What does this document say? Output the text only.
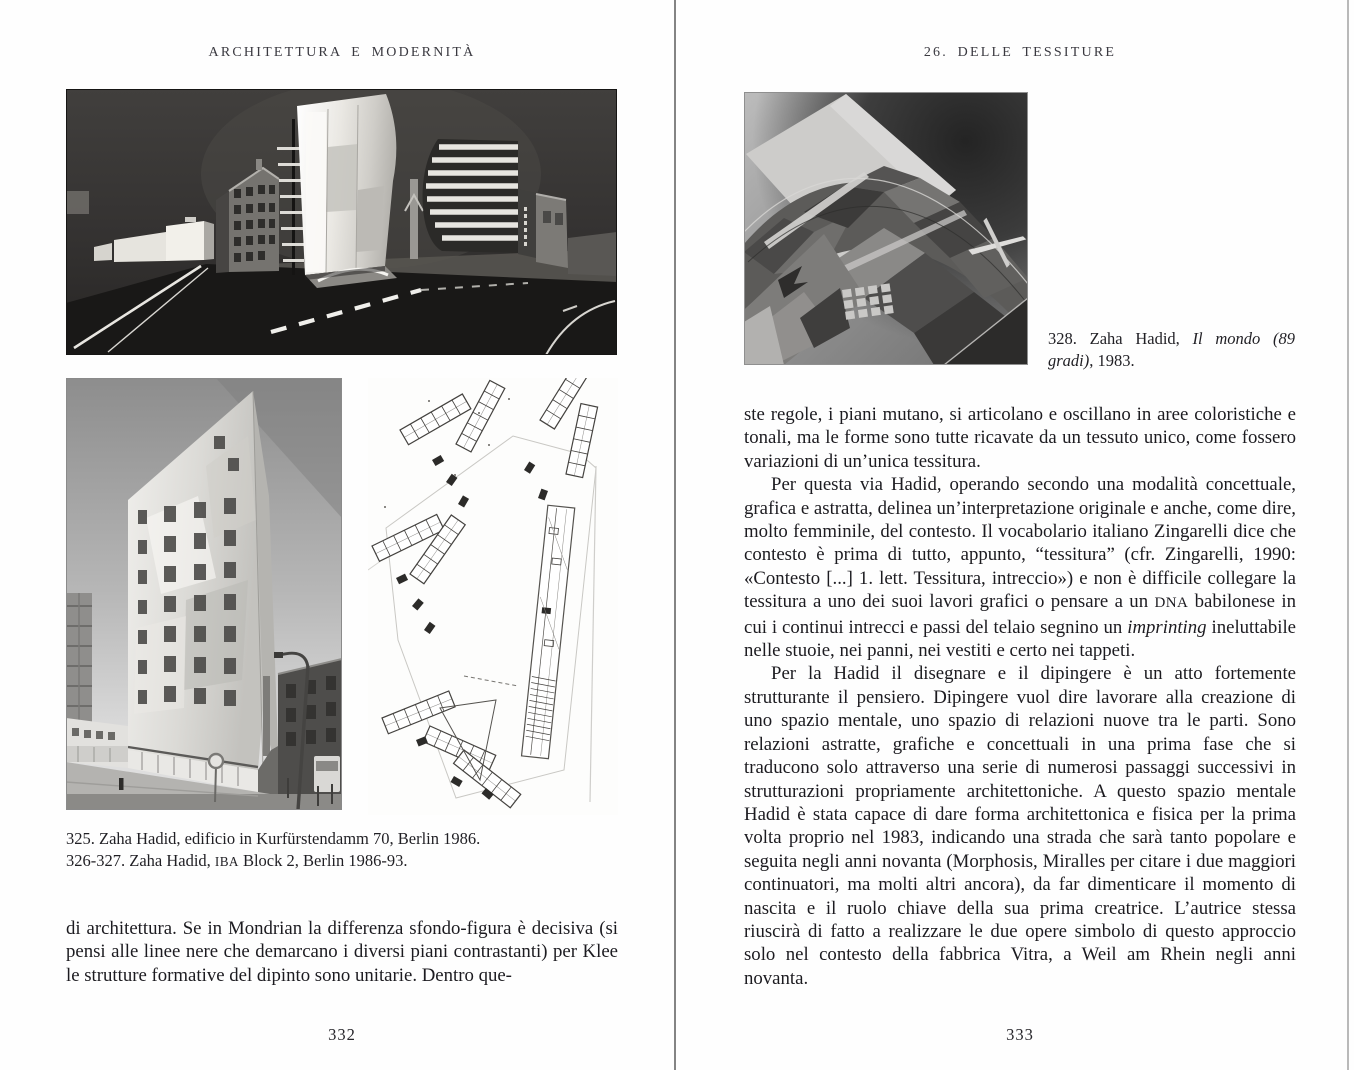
ARCHITETTURA E MODERNITÀ
325. Zaha Hadid, edificio in Kurfürstendamm 70, Berlin 1986.
326-327. Zaha Hadid, IBA Block 2, Berlin 1986-93.

di architettura. Se in Mondrian la differenza sfondo-figura è decisiva (si pensi alle linee nere che demarcano i diversi piani contrastanti) per Klee le strutture formative del dipinto sono unitarie. Dentro que-

332
26. DELLE TESSITURE
328. Zaha Hadid, Il mondo (89 gradi), 1983.

ste regole, i piani mutano, si articolano e oscillano in aree coloristiche e tonali, ma le forme sono tutte ricavate da un tessuto unico, come fossero variazioni di un’unica tessitura.

Per questa via Hadid, operando secondo una modalità concettuale, grafica e astratta, delinea un’interpretazione originale e anche, come dire, molto femminile, del contesto. Il vocabolario italiano Zingarelli dice che contesto è prima di tutto, appunto, “tessitura” (cfr. Zingarelli, 1990: «Contesto [...] 1. lett. Tessitura, intreccio») e non è difficile collegare la tessitura a uno dei suoi lavori grafici o pensare a un DNA babilonese in cui i continui intrecci e passi del telaio segnino un imprinting ineluttabile nelle stuoie, nei panni, nei vestiti e certo nei tappeti.

Per la Hadid il disegnare e il dipingere è un atto fortemente strutturante il pensiero. Dipingere vuol dire lavorare alla creazione di uno spazio mentale, uno spazio di relazioni nuove tra le parti. Sono relazioni astratte, grafiche e concettuali in una prima fase che si traducono solo attraverso una serie di numerosi passaggi successivi in strutturazioni propriamente architettoniche. A questo spazio mentale Hadid è stata capace di dare forma architettonica e fisica per la prima volta proprio nel 1983, indicando una strada che sarà tanto popolare e seguita negli anni novanta (Morphosis, Miralles per citare i due maggiori continuatori, ma molti altri ancora), da far dimenticare il momento di nascita e il ruolo chiave della sua prima creatrice. L’autrice stessa riuscirà di fatto a realizzare le due opere simbolo di questo approccio solo nel contesto della fabbrica Vitra, a Weil am Rhein negli anni novanta.

333
